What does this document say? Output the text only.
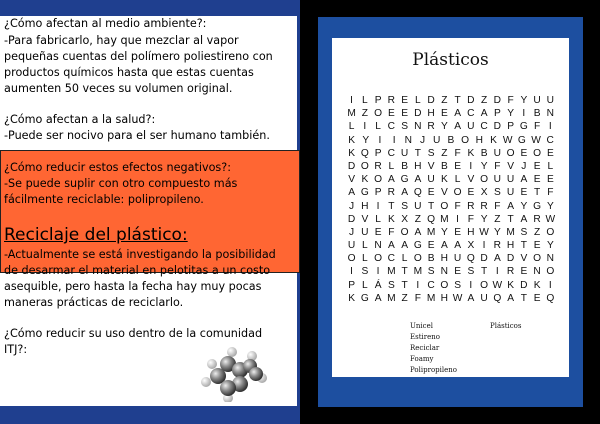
¿Cómo afectan al medio ambiente?:
-Para fabricarlo, hay que mezclar al vapor
pequeñas cuentas del polímero poliestireno con
productos químicos hasta que estas cuentas
aumenten 50 veces su volumen original.
¿Cómo afectan a la salud?:
-Puede ser nocivo para el ser humano también.
¿Cómo reducir estos efectos negativos?:
-Se puede suplir con otro compuesto más
fácilmente reciclable: polipropileno.
Reciclaje del plástico:
-Actualmente se está investigando la posibilidad
de desarmar el material en pelotitas a un costo
asequible, pero hasta la fecha hay muy pocas
maneras prácticas de reciclarlo.
¿Cómo reducir su uso dentro de la comunidad
ITJ?:
Plásticos
I L P R E L D Z T D Z D F Y U U
M Z O E E D H E A C A P Y I B N
L I L C S N R Y A U C D P G F I
K Y I	I N J U B O H K W G W C
K Q P C U T S Z F K B U O E O E
D O R L B H V B E I Y F V J E L
V K O A G A U K L V O U U A E E
A G P R A Q E V O E X S U E T F
J H I T S U T O F R R F A Y G Y
D V L K X Z Q M I F Y Z T A R W
J U E F O A M Y E H W Y M S Z O
U L N A A G E A A X I R H T E Y
O L O C L O B H U Q D A D V O N
I S I M T M S N E S T I R E N O
P L Á S T I C O S I O W K D K I
K G A M Z F M H W A U Q A T E Q
Unicel
Estireno
Reciclar
Foamy
Polipropileno
Plásticos
